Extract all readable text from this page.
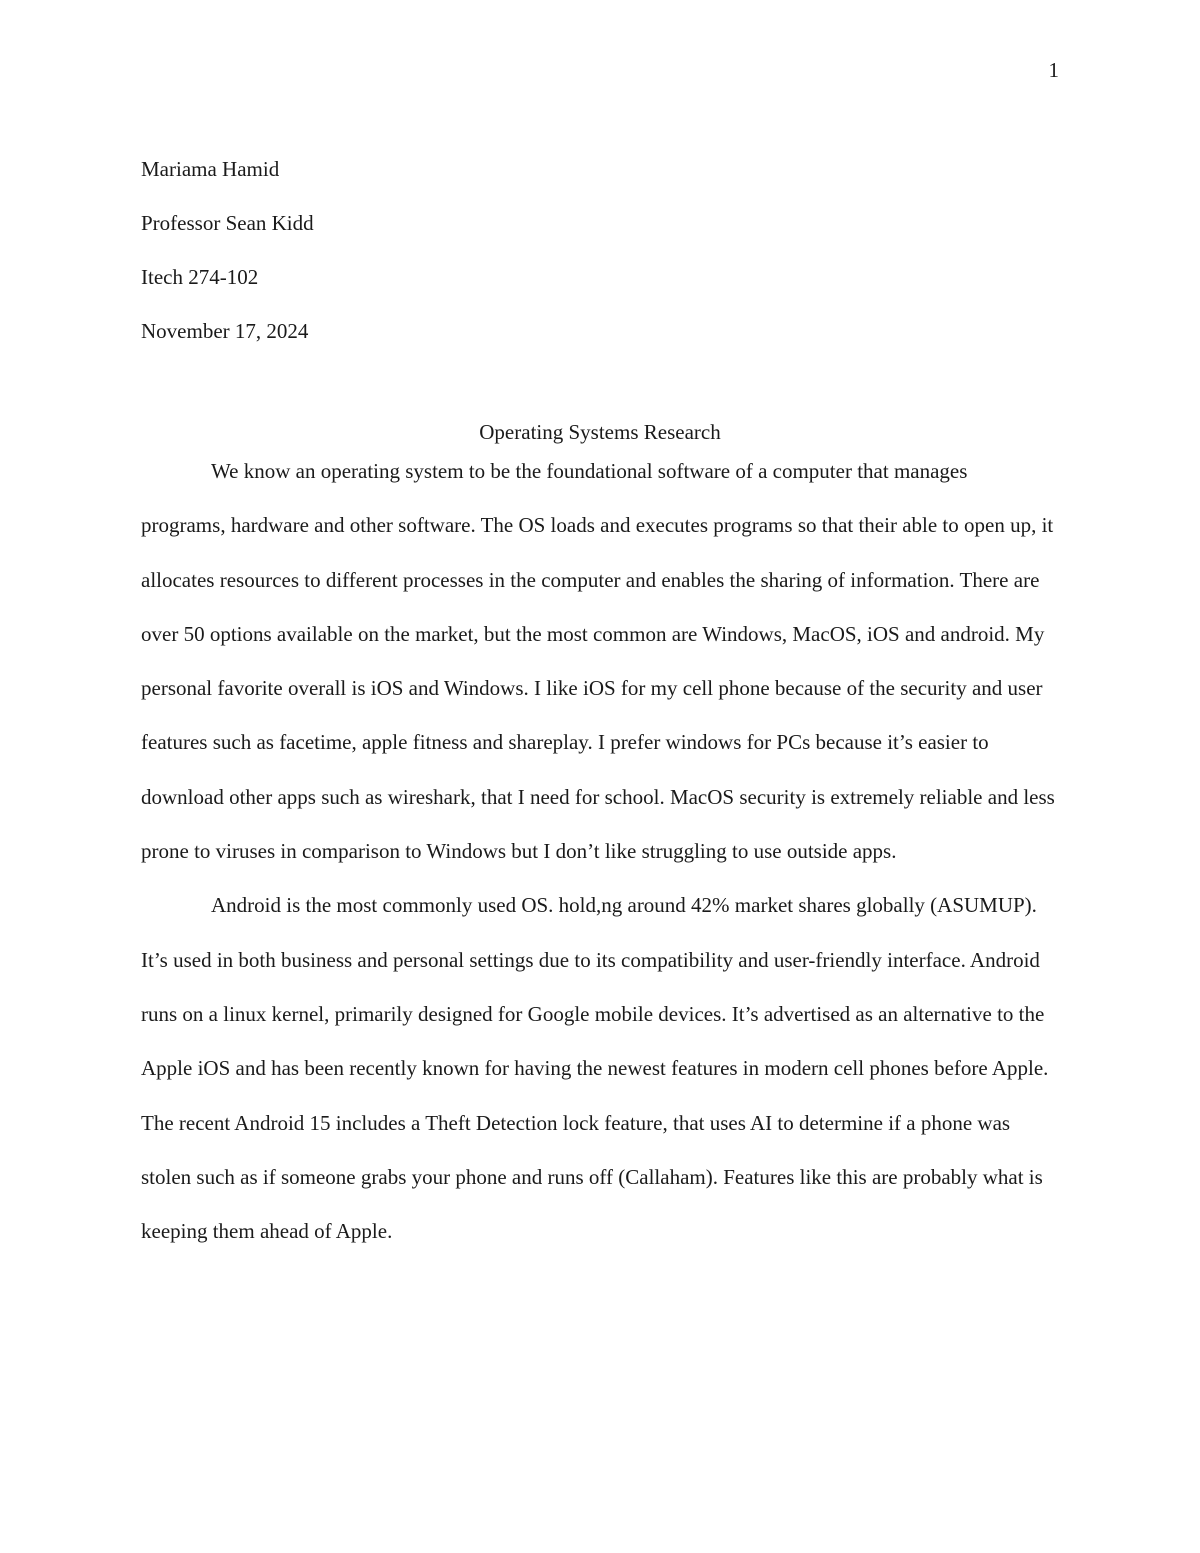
1
Mariama Hamid
Professor Sean Kidd
Itech 274-102
November 17, 2024
Operating Systems Research

We know an operating system to be the foundational software of a computer that manages programs, hardware and other software. The OS loads and executes programs so that their able to open up, it allocates resources to different processes in the computer and enables the sharing of information. There are over 50 options available on the market, but the most common are Windows, MacOS, iOS and android. My personal favorite overall is iOS and Windows. I like iOS for my cell phone because of the security and user features such as facetime, apple fitness and shareplay. I prefer windows for PCs because it’s easier to download other apps such as wireshark, that I need for school. MacOS security is extremely reliable and less prone to viruses in comparison to Windows but I don’t like struggling to use outside apps.

Android is the most commonly used OS. hold,ng around 42% market shares globally (ASUMUP). It’s used in both business and personal settings due to its compatibility and user-friendly interface. Android runs on a linux kernel, primarily designed for Google mobile devices. It’s advertised as an alternative to the Apple iOS and has been recently known for having the newest features in modern cell phones before Apple. The recent Android 15 includes a Theft Detection lock feature, that uses AI to determine if a phone was stolen such as if someone grabs your phone and runs off (Callaham). Features like this are probably what is keeping them ahead of Apple.
